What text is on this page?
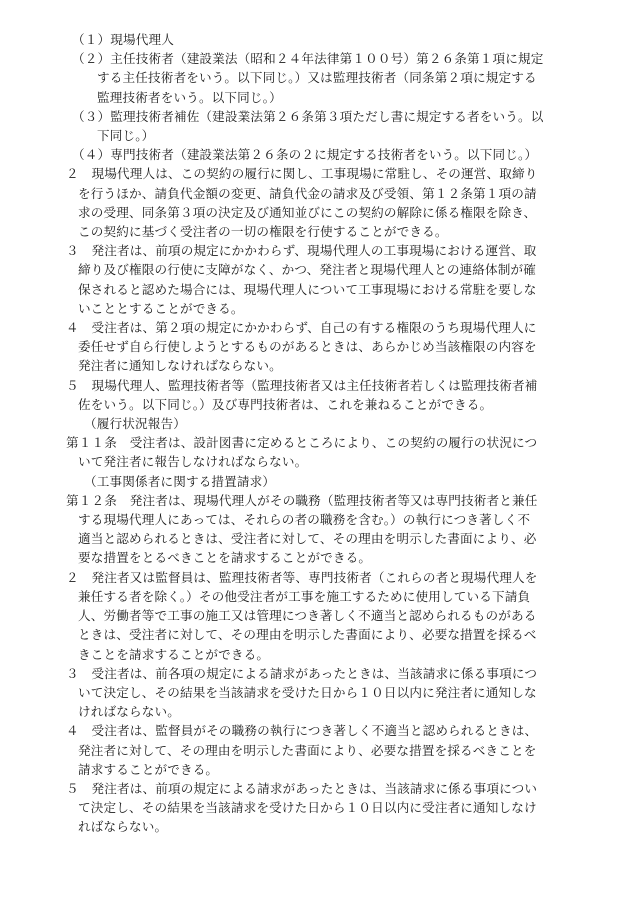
（１）現場代理人
（２）主任技術者（建設業法（昭和２４年法律第１００号）第２６条第１項に規定
する主任技術者をいう。以下同じ。）又は監理技術者（同条第２項に規定する
監理技術者をいう。以下同じ。）
（３）監理技術者補佐（建設業法第２６条第３項ただし書に規定する者をいう。以
下同じ。）
（４）専門技術者（建設業法第２６条の２に規定する技術者をいう。以下同じ。）
２　現場代理人は、この契約の履行に関し、工事現場に常駐し、その運営、取締り
を行うほか、請負代金額の変更、請負代金の請求及び受領、第１２条第１項の請
求の受理、同条第３項の決定及び通知並びにこの契約の解除に係る権限を除き、
この契約に基づく受注者の一切の権限を行使することができる。
３　発注者は、前項の規定にかかわらず、現場代理人の工事現場における運営、取
締り及び権限の行使に支障がなく、かつ、発注者と現場代理人との連絡体制が確
保されると認めた場合には、現場代理人について工事現場における常駐を要しな
いこととすることができる。
４　受注者は、第２項の規定にかかわらず、自己の有する権限のうち現場代理人に
委任せず自ら行使しようとするものがあるときは、あらかじめ当該権限の内容を
発注者に通知しなければならない。
５　現場代理人、監理技術者等（監理技術者又は主任技術者若しくは監理技術者補
佐をいう。以下同じ。）及び専門技術者は、これを兼ねることができる。
（履行状況報告）
第１１条　受注者は、設計図書に定めるところにより、この契約の履行の状況につ
いて発注者に報告しなければならない。
（工事関係者に関する措置請求）
第１２条　発注者は、現場代理人がその職務（監理技術者等又は専門技術者と兼任
する現場代理人にあっては、それらの者の職務を含む。）の執行につき著しく不
適当と認められるときは、受注者に対して、その理由を明示した書面により、必
要な措置をとるべきことを請求することができる。
２　発注者又は監督員は、監理技術者等、専門技術者（これらの者と現場代理人を
兼任する者を除く。）その他受注者が工事を施工するために使用している下請負
人、労働者等で工事の施工又は管理につき著しく不適当と認められるものがある
ときは、受注者に対して、その理由を明示した書面により、必要な措置を採るべ
きことを請求することができる。
３　受注者は、前各項の規定による請求があったときは、当該請求に係る事項につ
いて決定し、その結果を当該請求を受けた日から１０日以内に発注者に通知しな
ければならない。
４　受注者は、監督員がその職務の執行につき著しく不適当と認められるときは、
発注者に対して、その理由を明示した書面により、必要な措置を採るべきことを
請求することができる。
５　発注者は、前項の規定による請求があったときは、当該請求に係る事項につい
て決定し、その結果を当該請求を受けた日から１０日以内に受注者に通知しなけ
ればならない。
